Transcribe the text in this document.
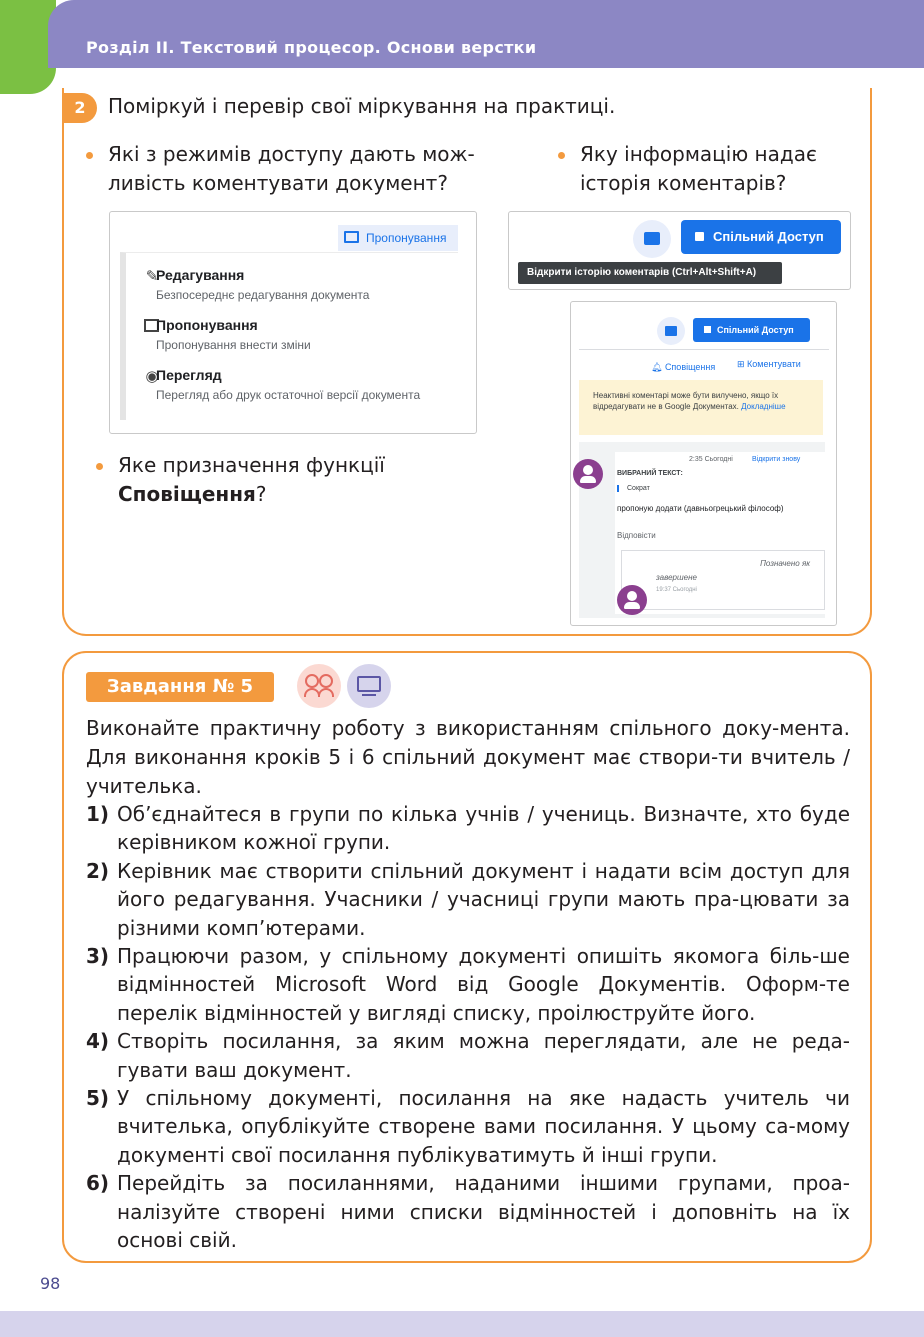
Розділ ІІ. Текстовий процесор. Основи верстки
2	Поміркуй і перевір свої міркування на практиці.
Які з режимів доступу дають мож-ливість коментувати документ?
Яку інформацію надає історія коментарів?
Яке призначення функції Сповіщення?
Пропонування
✎
Редагування
Безпосереднє редагування документа
Пропонування
Пропонування внести зміни
◉
Перегляд
Перегляд або друк остаточної версії документа
Спільний Доступ
Відкрити історію коментарів (Ctrl+Alt+Shift+A)
Спільний Доступ
🔔︎ Сповіщення ⊞ Коментувати
Неактивні коментарі може бути вилучено, якщо їх відредагувати не в Google Документах. Докладніше
2:35 Сьогодні	Відкрити знову
ВИБРАНИЙ ТЕКСТ:
Сократ
пропоную додати (давньогрецький філософ)
Відповісти
Позначено як
завершене
19:37 Сьогодні
Завдання № 5
Виконайте практичну роботу з використанням спільного доку-мента. Для виконання кроків 5 і 6 спільний документ має створи-ти вчитель / учителька.
1) Об’єднайтеся в групи по кілька учнів / учениць. Визначте, хто буде керівником кожної групи.
2) Керівник має створити спільний документ і надати всім доступ для його редагування. Учасники / учасниці групи мають пра-цювати за різними комп’ютерами.
3) Працюючи разом, у спільному документі опишіть якомога біль-ше відмінностей Microsoft Word від Google Документів. Оформ-те перелік відмінностей у вигляді списку, проілюструйте його.
4) Створіть посилання, за яким можна переглядати, але не реда-гувати ваш документ.
5) У спільному документі, посилання на яке надасть учитель чи вчителька, опублікуйте створене вами посилання. У цьому са-мому документі свої посилання публікуватимуть й інші групи.
6) Перейдіть за посиланнями, наданими іншими групами, проа-налізуйте створені ними списки відмінностей і доповніть на їх основі свій.
98
